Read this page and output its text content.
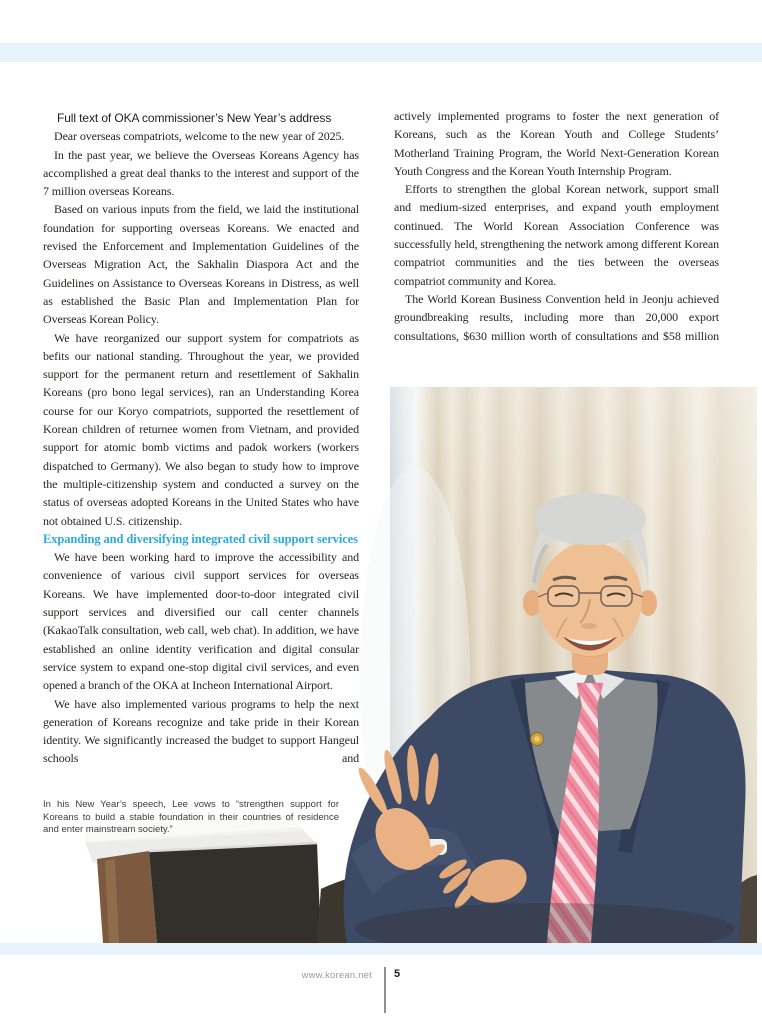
Full text of OKA commissioner’s New Year’s address

Dear overseas compatriots, welcome to the new year of 2025.

In the past year, we believe the Overseas Koreans Agency has accomplished a great deal thanks to the interest and support of the 7 million overseas Koreans.

Based on various inputs from the field, we laid the institutional foundation for supporting overseas Koreans. We enacted and revised the Enforcement and Implementation Guidelines of the Overseas Migration Act, the Sakhalin Diaspora Act and the Guidelines on Assistance to Overseas Koreans in Distress, as well as established the Basic Plan and Implementation Plan for Overseas Korean Policy.

We have reorganized our support system for compatriots as befits our national standing. Throughout the year, we provided support for the permanent return and resettlement of Sakhalin Koreans (pro bono legal services), ran an Understanding Korea course for our Koryo compatriots, supported the resettlement of Korean children of returnee women from Vietnam, and provided support for atomic bomb victims and padok workers (workers dispatched to Germany). We also began to study how to improve the multiple-citizenship system and conducted a survey on the status of overseas adopted Koreans in the United States who have not obtained U.S. citizenship.

Expanding and diversifying integrated civil support services

We have been working hard to improve the accessibility and convenience of various civil support services for overseas Koreans. We have implemented door-to-door integrated civil support services and diversified our call center channels (KakaoTalk consultation, web call, web chat). In addition, we have established an online identity verification and digital consular service system to expand one-stop digital civil services, and even opened a branch of the OKA at Incheon International Airport.

We have also implemented various programs to help the next generation of Koreans recognize and take pride in their Korean identity. We significantly increased the budget to support Hangeul schools and

actively implemented programs to foster the next generation of Koreans, such as the Korean Youth and College Students’ Motherland Training Program, the World Next-Generation Korean Youth Congress and the Korean Youth Internship Program.

Efforts to strengthen the global Korean network, support small and medium-sized enterprises, and expand youth employment continued. The World Korean Association Conference was successfully held, strengthening the network among different Korean compatriot communities and the ties between the overseas compatriot community and Korea.

The World Korean Business Convention held in Jeonju achieved groundbreaking results, including more than 20,000 export consultations, $630 million worth of consultations and $58 million

In his New Year’s speech, Lee vows to “strengthen support for Koreans to build a stable foundation in their countries of residence and enter mainstream society.”
www.korean.net 5
